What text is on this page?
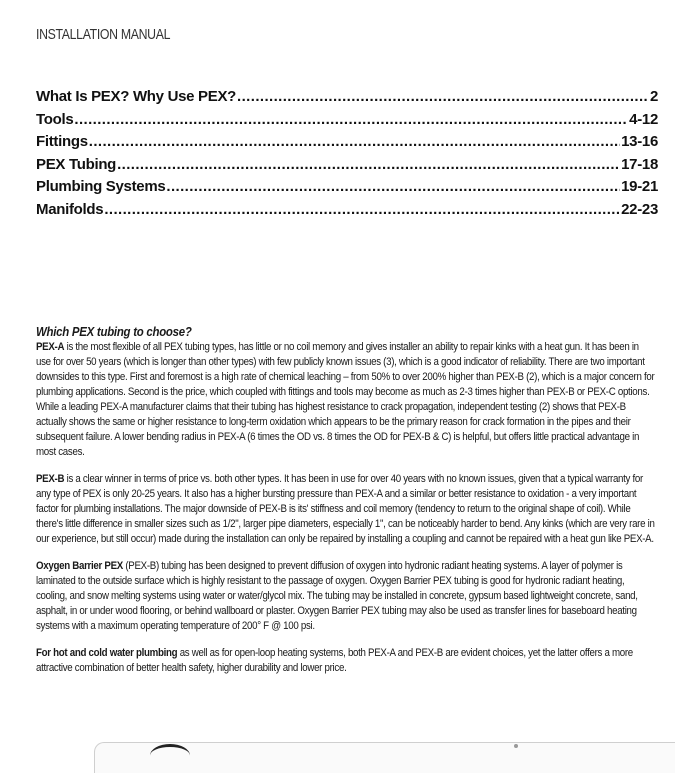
INSTALLATION MANUAL
What Is PEX? Why Use PEX? .....	2
Tools .....	4-12
Fittings .....	13-16
PEX Tubing .....	17-18
Plumbing Systems .....	19-21
Manifolds .....	22-23
Which PEX tubing to choose?

PEX-A is the most flexible of all PEX tubing types, has little or no coil memory and gives installer an ability to repair kinks with a heat gun. It has been in use for over 50 years (which is longer than other types) with few publicly known issues (3), which is a good indicator of reliability. There are two important downsides to this type. First and foremost is a high rate of chemical leaching – from 50% to over 200% higher than PEX-B (2), which is a major concern for plumbing applications. Second is the price, which coupled with fittings and tools may become as much as 2-3 times higher than PEX-B or PEX-C options. While a leading PEX-A manufacturer claims that their tubing has highest resistance to crack propagation, independent testing (2) shows that PEX-B actually shows the same or higher resistance to long-term oxidation which appears to be the primary reason for crack formation in the pipes and their subsequent failure. A lower bending radius in PEX-A (6 times the OD vs. 8 times the OD for PEX-B & C) is helpful, but offers little practical advantage in most cases.

PEX-B is a clear winner in terms of price vs. both other types. It has been in use for over 40 years with no known issues, given that a typical warranty for any type of PEX is only 20-25 years. It also has a higher bursting pressure than PEX-A and a similar or better resistance to oxidation - a very important factor for plumbing installations. The major downside of PEX-B is its' stiffness and coil memory (tendency to return to the original shape of coil). While there's little difference in smaller sizes such as 1/2", larger pipe diameters, especially 1", can be noticeably harder to bend. Any kinks (which are very rare in our experience, but still occur) made during the installation can only be repaired by installing a coupling and cannot be repaired with a heat gun like PEX-A.

Oxygen Barrier PEX (PEX-B) tubing has been designed to prevent diffusion of oxygen into hydronic radiant heating systems. A layer of polymer is laminated to the outside surface which is highly resistant to the passage of oxygen. Oxygen Barrier PEX tubing is good for hydronic radiant heating, cooling, and snow melting systems using water or water/glycol mix. The tubing may be installed in concrete, gypsum based lightweight concrete, sand, asphalt, in or under wood flooring, or behind wallboard or plaster. Oxygen Barrier PEX tubing may also be used as transfer lines for baseboard heating systems with a maximum operating temperature of 200° F @ 100 psi.

For hot and cold water plumbing as well as for open-loop heating systems, both PEX-A and PEX-B are evident choices, yet the latter offers a more attractive combination of better health safety, higher durability and lower price.
